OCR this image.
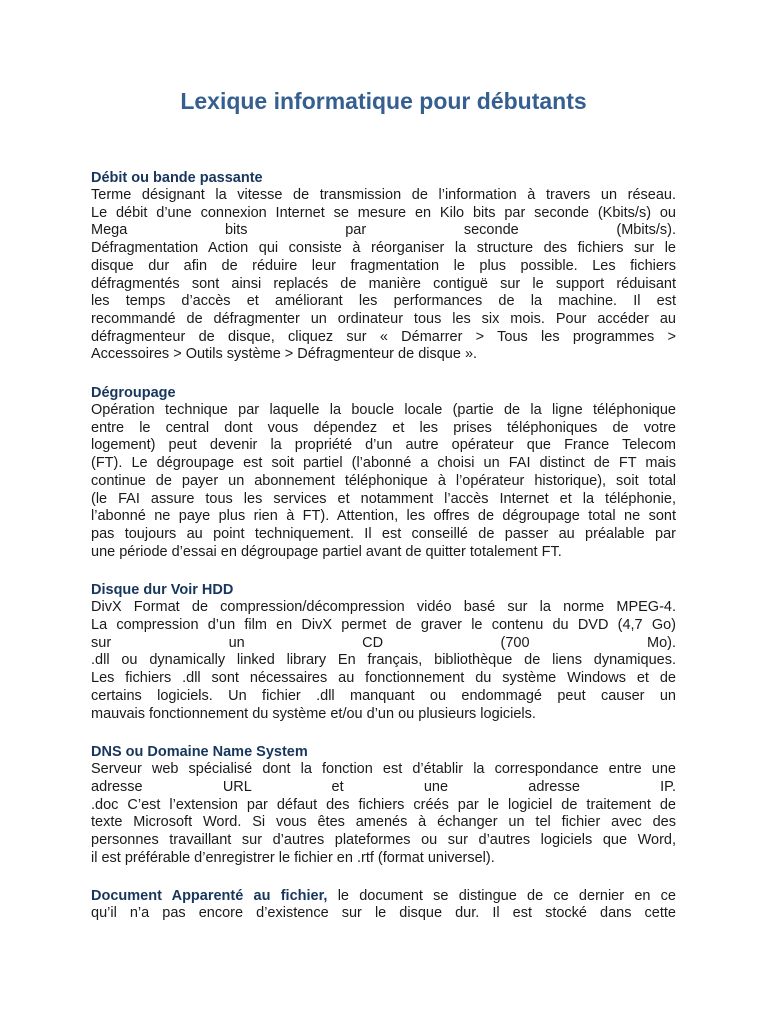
Lexique informatique pour débutants

Débit ou bande passante

Terme désignant la vitesse de transmission de l’information à travers un réseau.
Le débit d’une connexion Internet se mesure en Kilo bits par seconde (Kbits/s) ou
Mega bits par seconde (Mbits/s).
Défragmentation Action qui consiste à réorganiser la structure des fichiers sur le
disque dur afin de réduire leur fragmentation le plus possible. Les fichiers
défragmentés sont ainsi replacés de manière contiguë sur le support réduisant
les temps d’accès et améliorant les performances de la machine. Il est
recommandé de défragmenter un ordinateur tous les six mois. Pour accéder au
défragmenteur de disque, cliquez sur « Démarrer > Tous les programmes >
Accessoires > Outils système > Défragmenteur de disque ».

Dégroupage

Opération technique par laquelle la boucle locale (partie de la ligne téléphonique
entre le central dont vous dépendez et les prises téléphoniques de votre
logement) peut devenir la propriété d’un autre opérateur que France Telecom
(FT). Le dégroupage est soit partiel (l’abonné a choisi un FAI distinct de FT mais
continue de payer un abonnement téléphonique à l’opérateur historique), soit total
(le FAI assure tous les services et notamment l’accès Internet et la téléphonie,
l’abonné ne paye plus rien à FT). Attention, les offres de dégroupage total ne sont
pas toujours au point techniquement. Il est conseillé de passer au préalable par
une période d’essai en dégroupage partiel avant de quitter totalement FT.

Disque dur Voir HDD

DivX Format de compression/décompression vidéo basé sur la norme MPEG-4.
La compression d’un film en DivX permet de graver le contenu du DVD (4,7 Go)
sur un CD (700 Mo).
.dll ou dynamically linked library En français, bibliothèque de liens dynamiques.
Les fichiers .dll sont nécessaires au fonctionnement du système Windows et de
certains logiciels. Un fichier .dll manquant ou endommagé peut causer un
mauvais fonctionnement du système et/ou d’un ou plusieurs logiciels.

DNS ou Domaine Name System

Serveur web spécialisé dont la fonction est d’établir la correspondance entre une
adresse URL et une adresse IP.
.doc C’est l’extension par défaut des fichiers créés par le logiciel de traitement de
texte Microsoft Word. Si vous êtes amenés à échanger un tel fichier avec des
personnes travaillant sur d’autres plateformes ou sur d’autres logiciels que Word,
il est préférable d’enregistrer le fichier en .rtf (format universel).

Document Apparenté au fichier, le document se distingue de ce dernier en ce
qu’il n’a pas encore d’existence sur le disque dur. Il est stocké dans cette
